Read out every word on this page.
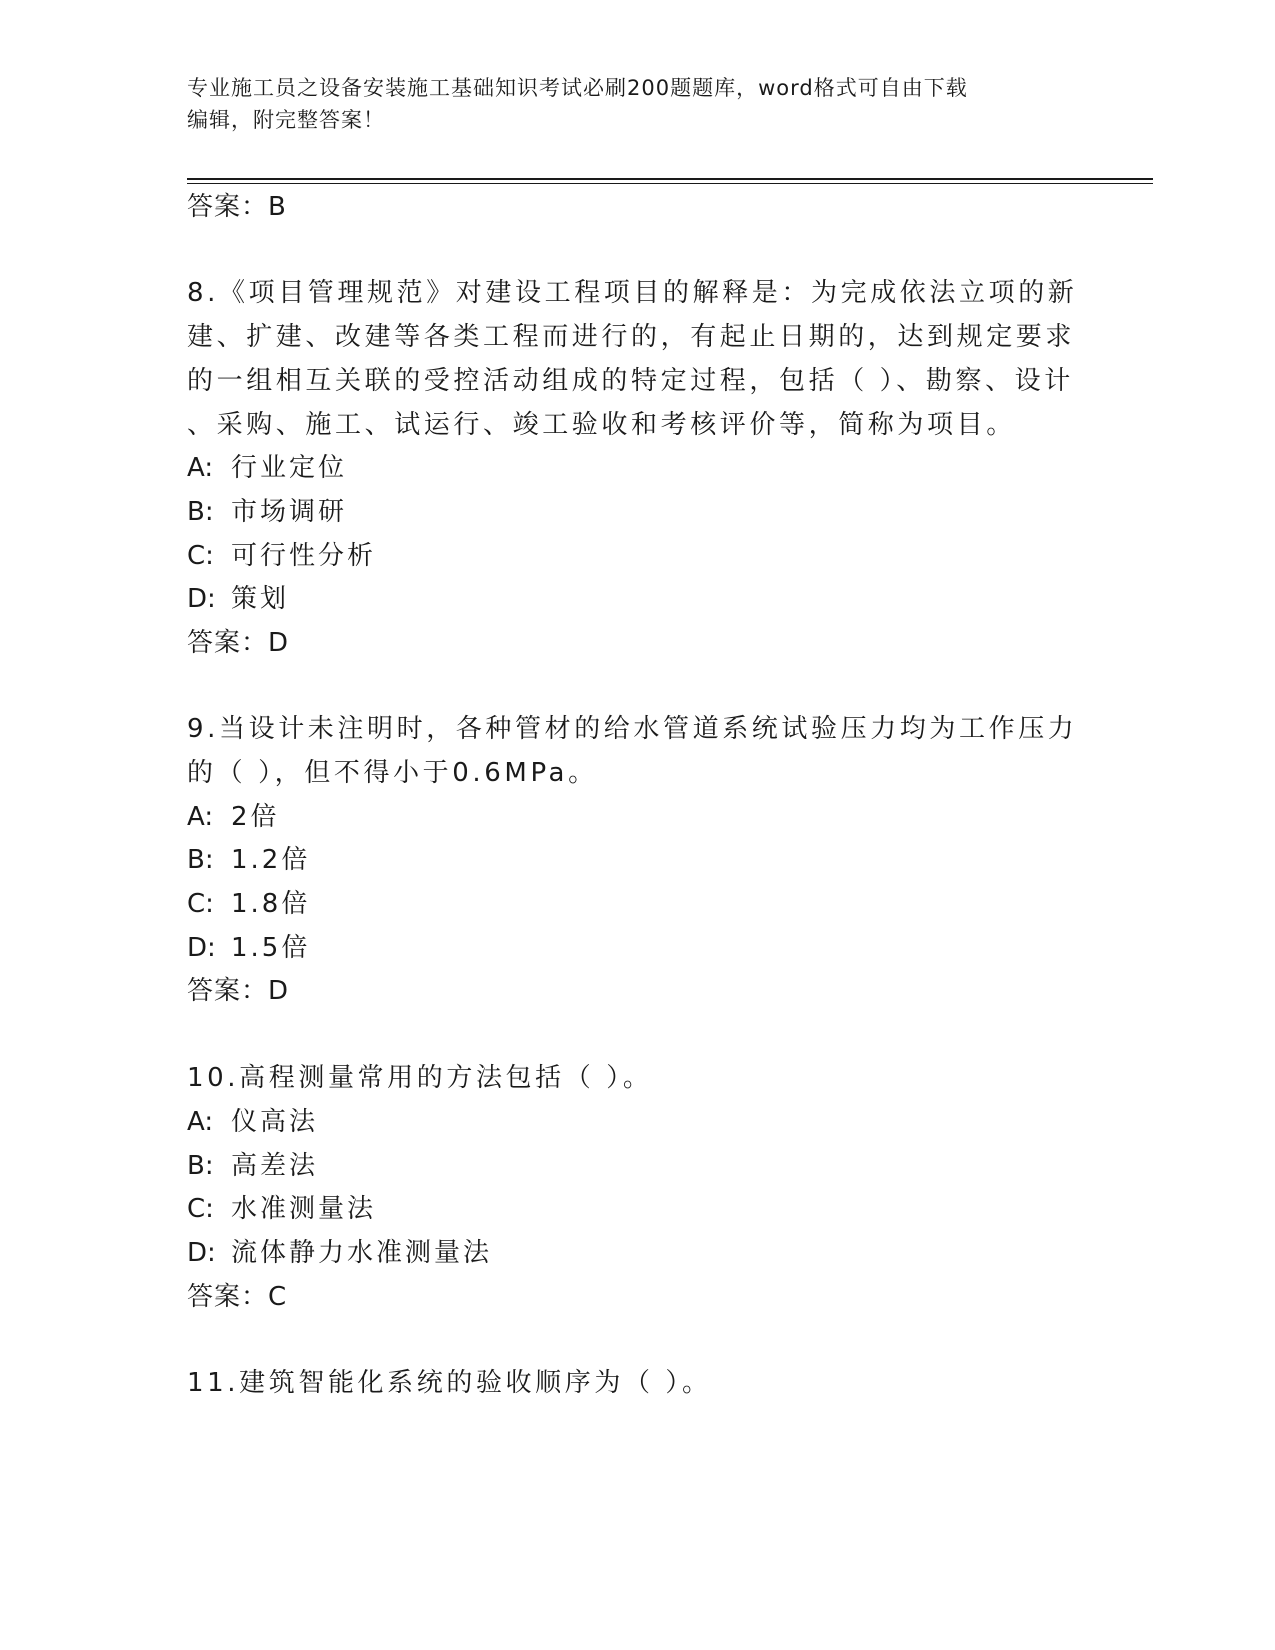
专业施工员之设备安装施工基础知识考试必刷200题题库，word格式可自由下载
编辑，附完整答案！
答案：B
8.《项目管理规范》对建设工程项目的解释是：为完成依法立项的新
建、扩建、改建等各类工程而进行的，有起止日期的，达到规定要求
的一组相互关联的受控活动组成的特定过程，包括（ ）、勘察、设计
、采购、施工、试运行、竣工验收和考核评价等，简称为项目。
A: 行业定位
B: 市场调研
C: 可行性分析
D: 策划
答案：D
9.当设计未注明时，各种管材的给水管道系统试验压力均为工作压力
的（ ），但不得小于0.6MPa。
A: 2倍
B: 1.2倍
C: 1.8倍
D: 1.5倍
答案：D
10.高程测量常用的方法包括（ ）。
A: 仪高法
B: 高差法
C: 水准测量法
D: 流体静力水准测量法
答案：C
11.建筑智能化系统的验收顺序为（ ）。
